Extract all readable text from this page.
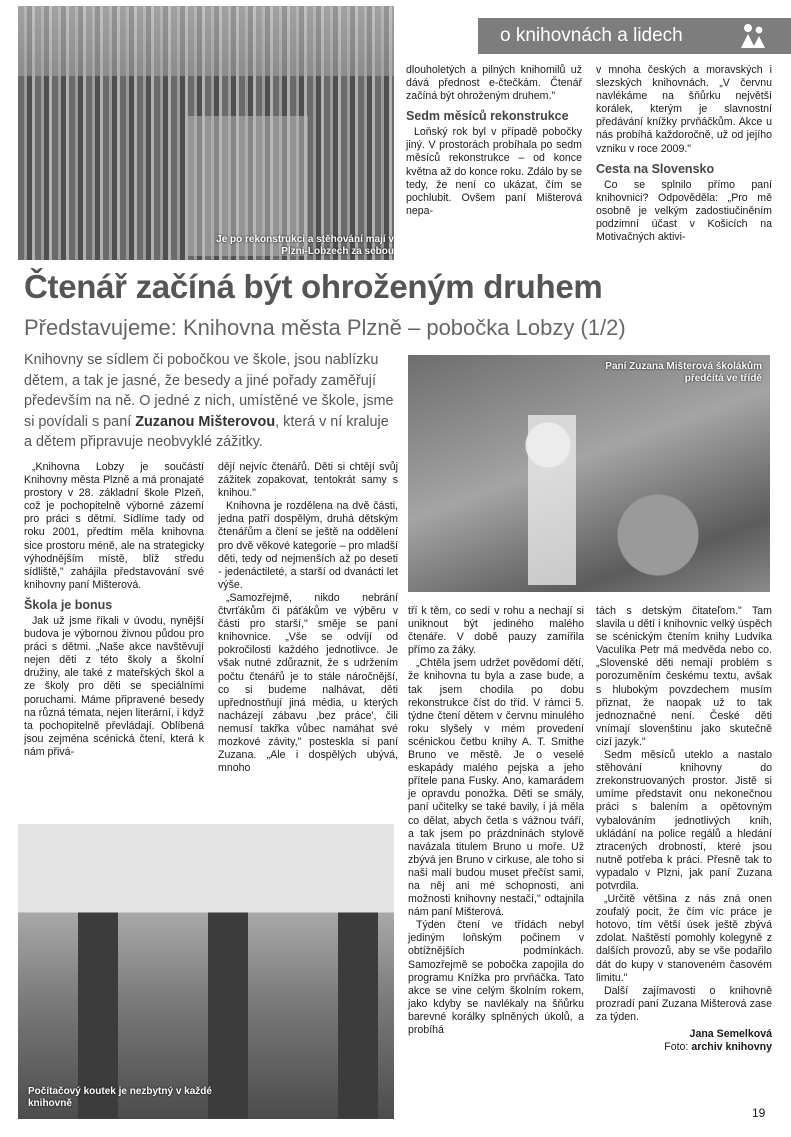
Je po rekonstrukci a stěhování mají v Plzni-Lobzech za sebou
o knihovnách a lidech

dlouholetých a pilných knihomilů už dává přednost e-čtečkám. Čtenář začíná být ohroženým druhem."

Sedm měsíců rekonstrukce

Loňský rok byl v případě pobočky jiný. V prostorách probíhala po sedm měsíců rekonstrukce – od konce května až do konce roku. Zdálo by se tedy, že není co ukázat, čím se pochlubit. Ovšem paní Mišterová nepa-

v mnoha českých a moravských i slezských knihovnách. „V červnu navlékáme na šňůrku největší korálek, kterým je slavnostní předávání knížky prvňáčkům. Akce u nás probíhá každoročně, už od jejího vzniku v roce 2009."

Cesta na Slovensko

Co se splnilo přímo paní knihovnici? Odpověděla: „Pro mě osobně je velkým zadostiučiněním podzimní účast v Košicích na Motivačných aktivi-

Čtenář začíná být ohroženým druhem
Představujeme: Knihovna města Plzně – pobočka Lobzy (1/2)
Knihovny se sídlem či pobočkou ve škole, jsou nablízku dětem, a tak je jasné, že besedy a jiné pořady zaměřují především na ně. O jedné z nich, umístěné ve škole, jsme si povídali s paní Zuzanou Mišterovou, která v ní kraluje a dětem připravuje neobvyklé zážitky.
Paní Zuzana Mišterová školákům předčítá ve třídě

„Knihovna Lobzy je součástí Knihovny města Plzně a má pronajaté prostory v 28. základní škole Plzeň, což je pochopitelně výborné zázemí pro práci s dětmi. Sídlíme tady od roku 2001, předtím měla knihovna sice prostoru méně, ale na strategicky výhodnějším místě, blíž středu sídliště," zahájila představování své knihovny paní Mišterová.

Škola je bonus

Jak už jsme říkali v úvodu, nynější budova je výbornou živnou půdou pro práci s dětmi. „Naše akce navštěvují nejen děti z této školy a školní družiny, ale také z mateřských škol a ze školy pro děti se speciálními poruchami. Máme připravené besedy na různá témata, nejen literární, i když ta pochopitelně převládají. Oblíbená jsou zejména scénická čtení, která k nám přivá-

dějí nejvíc čtenářů. Děti si chtějí svůj zážitek zopakovat, tentokrát samy s knihou."

Knihovna je rozdělena na dvě části, jedna patří dospělým, druhá dětským čtenářům a člení se ještě na oddělení pro dvě věkové kategorie – pro mladší děti, tedy od nejmenších až po deseti - jedenáctileté, a starší od dvanácti let výše.

„Samozřejmě, nikdo nebrání čtvrťákům či páťákům ve výběru v části pro starší," směje se paní knihovnice. „Vše se odvíjí od pokročilosti každého jednotlivce. Je však nutné zdůraznit, že s udržením počtu čtenářů je to stále náročnější, co si budeme nalhávat, děti upřednostňují jiná média, u kterých nacházejí zábavu ,bez práce', čili nemusí takřka vůbec namáhat své mozkové závity," posteskla si paní Zuzana. „Ale i dospělých ubývá, mnoho

Počítačový koutek je nezbytný v každé knihovně

tří k těm, co sedí v rohu a nechají si uniknout být jediného malého čtenáře. V době pauzy zamířila přímo za žáky.

„Chtěla jsem udržet povědomí dětí, že knihovna tu byla a zase bude, a tak jsem chodila po dobu rekonstrukce číst do tříd. V rámci 5. týdne čtení dětem v červnu minulého roku slyšely v mém provedení scénickou četbu knihy A. T. Smithe Bruno ve městě. Je o veselé eskapády malého pejska a jeho přítele pana Fusky. Ano, kamarádem je opravdu ponožka. Děti se smály, paní učitelky se také bavily, i já měla co dělat, abych četla s vážnou tváří, a tak jsem po prázdninách stylově navázala titulem Bruno u moře. Už zbývá jen Bruno v cirkuse, ale toho si naši malí budou muset přečíst sami, na něj ani mé schopnosti, ani možnosti knihovny nestačí," odtajnila nám paní Mišterová.

Týden čtení ve třídách nebyl jediným loňským počinem v obtížnějších podmínkách. Samozřejmě se pobočka zapojila do programu Knížka pro prvňáčka. Tato akce se vine celým školním rokem, jako kdyby se navlékaly na šňůrku barevné korálky splněných úkolů, a probíhá

tách s detským čitateľom." Tam slavila u dětí i knihovnic velký úspěch se scénickým čtením knihy Ludvíka Vaculíka Petr má medvěda nebo co. „Slovenské děti nemají problém s porozuměním českému textu, avšak s hlubokým povzdechem musím přiznat, že naopak už to tak jednoznačné není. České děti vnímají slovenštinu jako skutečně cizí jazyk."

Sedm měsíců uteklo a nastalo stěhování knihovny do zrekonstruovaných prostor. Jistě si umíme představit onu nekonečnou práci s balením a opětovným vybalováním jednotlivých knih, ukládání na police regálů a hledání ztracených drobností, které jsou nutně potřeba k práci. Přesně tak to vypadalo v Plzni, jak paní Zuzana potvrdila.

„Určitě většina z nás zná onen zoufalý pocit, že čím víc práce je hotovo, tím větší úsek ještě zbývá zdolat. Naštěstí pomohly kolegyně z dalších provozů, aby se vše podařilo dát do kupy v stanoveném časovém limitu."

Další zajímavosti o knihovně prozradí paní Zuzana Mišterová zase za týden.

Jana Semelková
Foto: archiv knihovny
19
